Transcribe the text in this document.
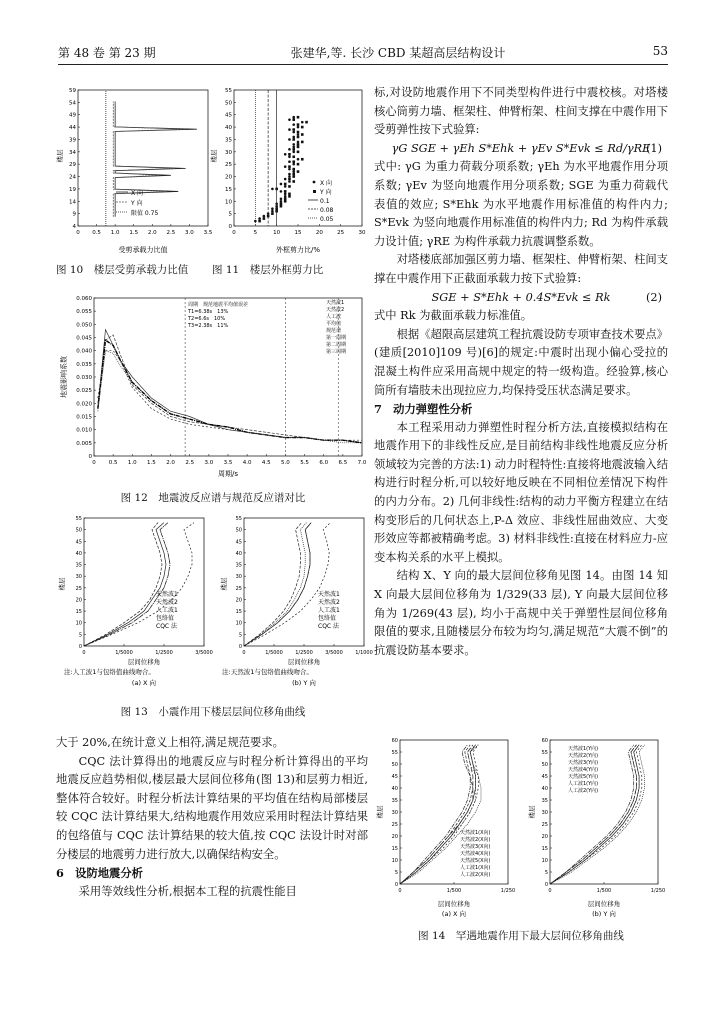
第 48 卷 第 23 期	张建华,等. 长沙 CBD 某超高层结构设计	53
4
9
14
19
24
29
34
39
44
49
54
59
0 0.5 1.0 1.5 2.0 2.5 3.0 3.5
X 向
Y 向
限值 0.75
楼层
受剪承载力比值
0
5
10
15
20
25
30
35
40
45
50
55
0	5	10	15	20	25	30
X 向
Y 向
0.1
0.08
0.05
楼层
外框剪力比/%
图 10　楼层受剪承载力比值	图 11　楼层外框剪力比
0
0.005
0.010
0.015
0.020
0.025
0.030
0.035
0.040
0.045
0.050
0.055
0.060
0 0.5 1.0 1.5 2.0 2.5 3.0 3.5 4.0 4.5 5.0 5.5 6.0 6.5 7.0
周期　规范地震平均值误差
T1=6.38s　13%
T2=6.6s　10%
T3=2.38s　11%
天然波1
天然波2
人工波
平均值
规范谱
第一周期
第二周期
第三周期
地震影响系数
周期/s
图 12　地震波反应谱与规范反应谱对比
0
5
10
15
20
25
30
35
40
45
50
55
0	1/5000	1/2500	3/5000
天然波1
天然波2
人工波1
包络值
CQC 法
楼层
层间位移角
注:人工波1与包络值曲线吻合。
(a) X 向
0
5
10
15
20
25
30
35
40
45
50
55
0	1/5000 1/2500 3/5000 1/1000
天然波1
天然波2
人工波1
包络值
CQC 法
楼层
层间位移角
注:天然波1与包络值曲线吻合。
(b) Y 向
图 13　小震作用下楼层层间位移角曲线

大于 20%,在统计意义上相符,满足规范要求。

CQC 法计算得出的地震反应与时程分析计算得出的平均地震反应趋势相似,楼层最大层间位移角(图 13)和层剪力相近,整体符合较好。时程分析法计算结果的平均值在结构局部楼层较 CQC 法计算结果大,结构地震作用效应采用时程法计算结果的包络值与 CQC 法计算结果的较大值,按 CQC 法设计时对部分楼层的地震剪力进行放大,以确保结构安全。

6　设防地震分析

采用等效线性分析,根据本工程的抗震性能目

标,对设防地震作用下不同类型构件进行中震校核。对塔楼核心筒剪力墙、框架柱、伸臂桁架、柱间支撑在中震作用下受剪弹性按下式验算:

γG SGE + γEh S*Ehk + γEv S*Evk ≤ Rd/γRE
(1)

式中: γG 为重力荷载分项系数; γEh 为水平地震作用分项系数; γEv 为竖向地震作用分项系数; SGE 为重力荷载代表值的效应; S*Ehk 为水平地震作用标准值的构件内力; S*Evk 为竖向地震作用标准值的构件内力; Rd 为构件承载力设计值; γRE 为构件承载力抗震调整系数。

对塔楼底部加强区剪力墙、框架柱、伸臂桁架、柱间支撑在中震作用下正截面承载力按下式验算:

SGE + S*Ehk + 0.4S*Evk ≤ Rk	(2)

式中 Rk 为截面承载力标准值。

根据《超限高层建筑工程抗震设防专项审查技术要点》(建质[2010]109 号)[6]的规定:中震时出现小偏心受拉的混凝土构件应采用高规中规定的特一级构造。经验算,核心筒所有墙肢未出现拉应力,均保持受压状态满足要求。

7　动力弹塑性分析

本工程采用动力弹塑性时程分析方法,直接模拟结构在地震作用下的非线性反应,是目前结构非线性地震反应分析领域较为完善的方法:1) 动力时程特性:直接将地震波输入结构进行时程分析,可以较好地反映在不同相位差情况下构件的内力分布。2) 几何非线性:结构的动力平衡方程建立在结构变形后的几何状态上,P-Δ 效应、非线性屈曲效应、大变形效应等都被精确考虑。3) 材料非线性:直接在材料应力-应变本构关系的水平上模拟。

结构 X、Y 向的最大层间位移角见图 14。由图 14 知 X 向最大层间位移角为 1/329(33 层), Y 向最大层间位移角为 1/269(43 层), 均小于高规中关于弹塑性层间位移角限值的要求,且随楼层分布较为均匀,满足规范“大震不倒”的抗震设防基本要求。

0
5
10
15
20
25
30
35
40
45
50
55
60
0	1/500	1/250
天然波1(X向)
天然波2(X向)
天然波3(X向)
天然波4(X向)
天然波5(X向)
人工波1(X向)
人工波2(X向)
楼层
层间位移角
(a) X 向
0
5
10
15
20
25
30
35
40
45
50
55
60
0	1/500	1/250
天然波1(Y向)
天然波2(Y向)
天然波3(Y向)
天然波4(Y向)
天然波5(Y向)
人工波1(Y向)
人工波2(Y向)
楼层
层间位移角
(b) Y 向
图 14　罕遇地震作用下最大层间位移角曲线
